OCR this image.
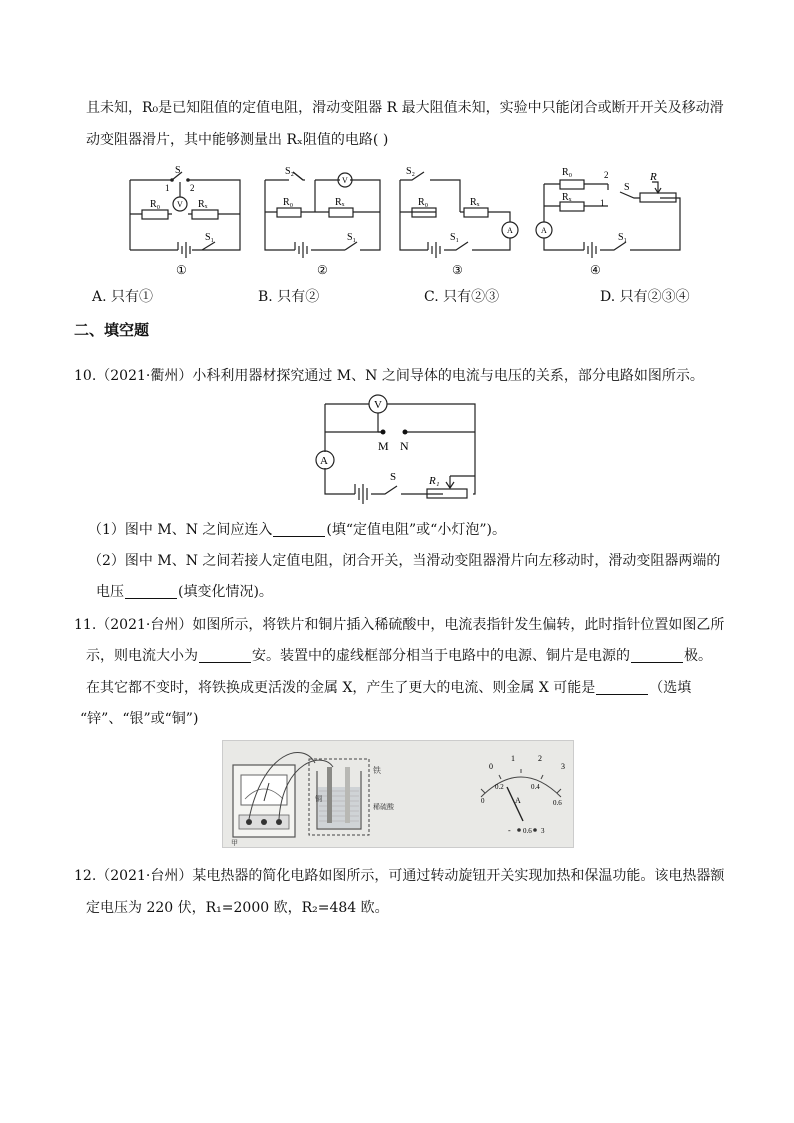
且未知，R₀是已知阻值的定值电阻，滑动变阻器 R 最大阻值未知，实验中只能闭合或断开开关及移动滑
动变阻器滑片，其中能够测量出 Rₓ阻值的电路( )
R₀	Rₓ
V
S
1 2
S₁
①
S₂
V
R₀	Rₓ
S₁
②
S₂
R₀	Rₓ
A
S₁
③
R₀
Rₓ
R
S
2
1
A
S₁
④
A. 只有①	B. 只有②	C. 只有②③	D. 只有②③④
二、填空题
10.（2021·衢州）小科利用器材探究通过 M、N 之间导体的电流与电压的关系，部分电路如图所示。
V
M N
A
S	R₁
（1）图中 M、N 之间应连入	(填“定值电阻”或“小灯泡”)。
（2）图中 M、N 之间若接人定值电阻，闭合开关，当滑动变阻器滑片向左移动时，滑动变阻器两端的
电压	(填变化情况)。
11.（2021·台州）如图所示，将铁片和铜片插入稀硫酸中，电流表指针发生偏转，此时指针位置如图乙所
示，则电流大小为	安。装置中的虚线框部分相当于电路中的电源、铜片是电源的	极。
在其它都不变时，将铁换成更活泼的金属 X，产生了更大的电流、则金属 X 可能是	（选填
“锌”、“银”或“铜”)
铁
稀硫酸
铜
甲
0
1	2
3
0
0.2	0.4
0.6
A
- 0.6 3
12.（2021·台州）某电热器的简化电路如图所示，可通过转动旋钮开关实现加热和保温功能。该电热器额
定电压为 220 伏，R₁=2000 欧，R₂=484 欧。
